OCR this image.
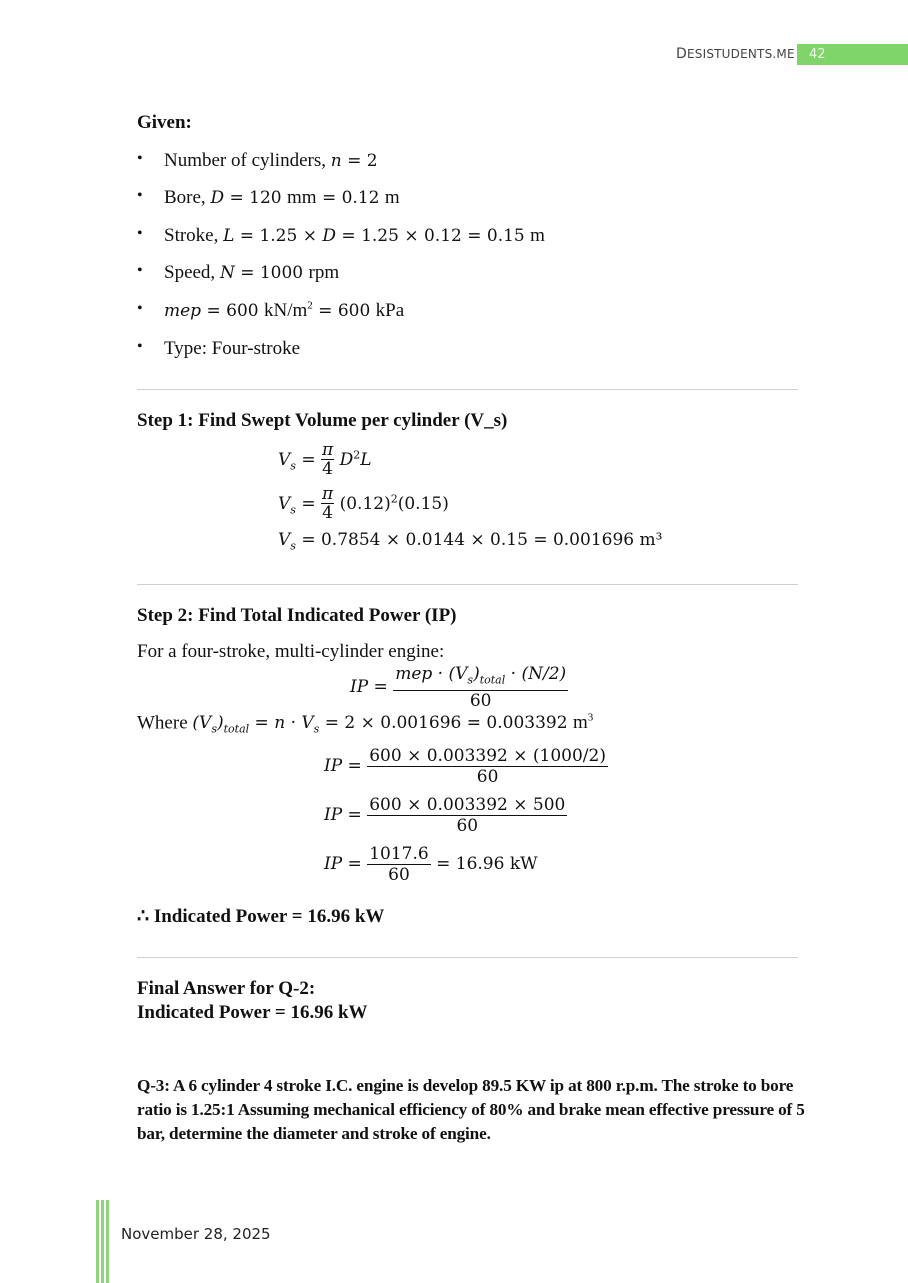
DESISTUDENTS.ME	42
Given:
• Number of cylinders, n = 2
• Bore, D = 120 mm = 0.12 m
• Stroke, L = 1.25 × D = 1.25 × 0.12 = 0.15 m
• Speed, N = 1000 rpm
• mep = 600 $kN/m^2 = 600$ kPa
• Type: Four-stroke
Step 1: Find Swept Volume per cylinder (V_s)
$V_s = \frac{\pi}{4} D^2L$
$V_s = \frac{\pi}{4} (0.12)^2(0.15)$
$V_s = 0.7854 \times 0.0144 \times 0.15 = 0.001696$ m³
Step 2: Find Total Indicated Power (IP)
For a four-stroke, multi-cylinder engine:
IP = $\frac{mep \cdot (V_s)_{total} \cdot (N/2)}{60}$
Where $(V_s)_{total} = n \cdot V_s = 2 \times 0.001696 = 0.003392$ $m^3$
IP = $\frac{600 \times 0.003392 \times (1000/2)}{60}$
IP = $\frac{600 \times 0.003392 \times 500}{60}$
IP = $\frac{1017.6}{60} = 16.96$ kW
∴ Indicated Power = 16.96 kW
Final Answer for Q-2:
Indicated Power = 16.96 kW
Q-3: A 6 cylinder 4 stroke I.C. engine is develop 89.5 KW ip at 800 r.p.m. The stroke to bore ratio is 1.25:1 Assuming mechanical efficiency of 80% and brake mean effective pressure of 5 bar, determine the diameter and stroke of engine.
November 28, 2025
